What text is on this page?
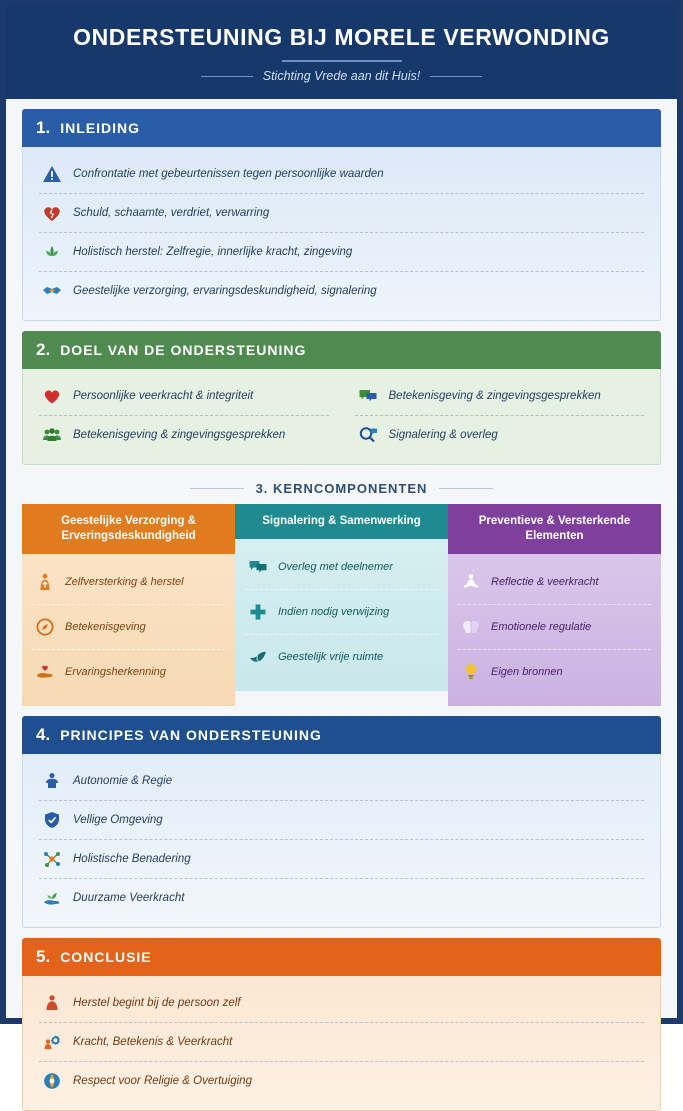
ONDERSTEUNING BIJ MORELE VERWONDING
Stichting Vrede aan dit Huis!
1. INLEIDING
Confrontatie met gebeurtenissen tegen persoonlijke waarden
Schuld, schaamte, verdriet, verwarring
Holistisch herstel: Zelfregie, innerlijke kracht, zingeving
Geestelijke verzorging, ervaringsdeskundigheid, signalering
2. DOEL VAN DE ONDERSTEUNING
Persoonlijke veerkracht & integriteit	Betekenisgeving & zingevingsgesprekken
Betekenisgeving & zingevingsgesprekken	Signalering & overleg
3. KERNCOMPONENTEN
Geestelijke Verzorging & Erveringsdeskundigheid
Zelfversterking & herstel
Betekenisgeving
Ervaringsherkenning
Signalering & Samenwerking
Overleg met deelnemer
Indien nodig verwijzing
Geestelijk vrije ruimte
Preventieve & Versterkende Elementen
Reflectie & veerkracht
Emotionele regulatie
Eigen bronnen
4. PRINCIPES VAN ONDERSTEUNING
Autonomie & Regie
Vellige Omgeving
Holistische Benadering
Duurzame Veerkracht
5. CONCLUSIE
Herstel begint bij de persoon zelf
Kracht, Betekenis & Veerkracht
Respect voor Religie & Overtuiging
